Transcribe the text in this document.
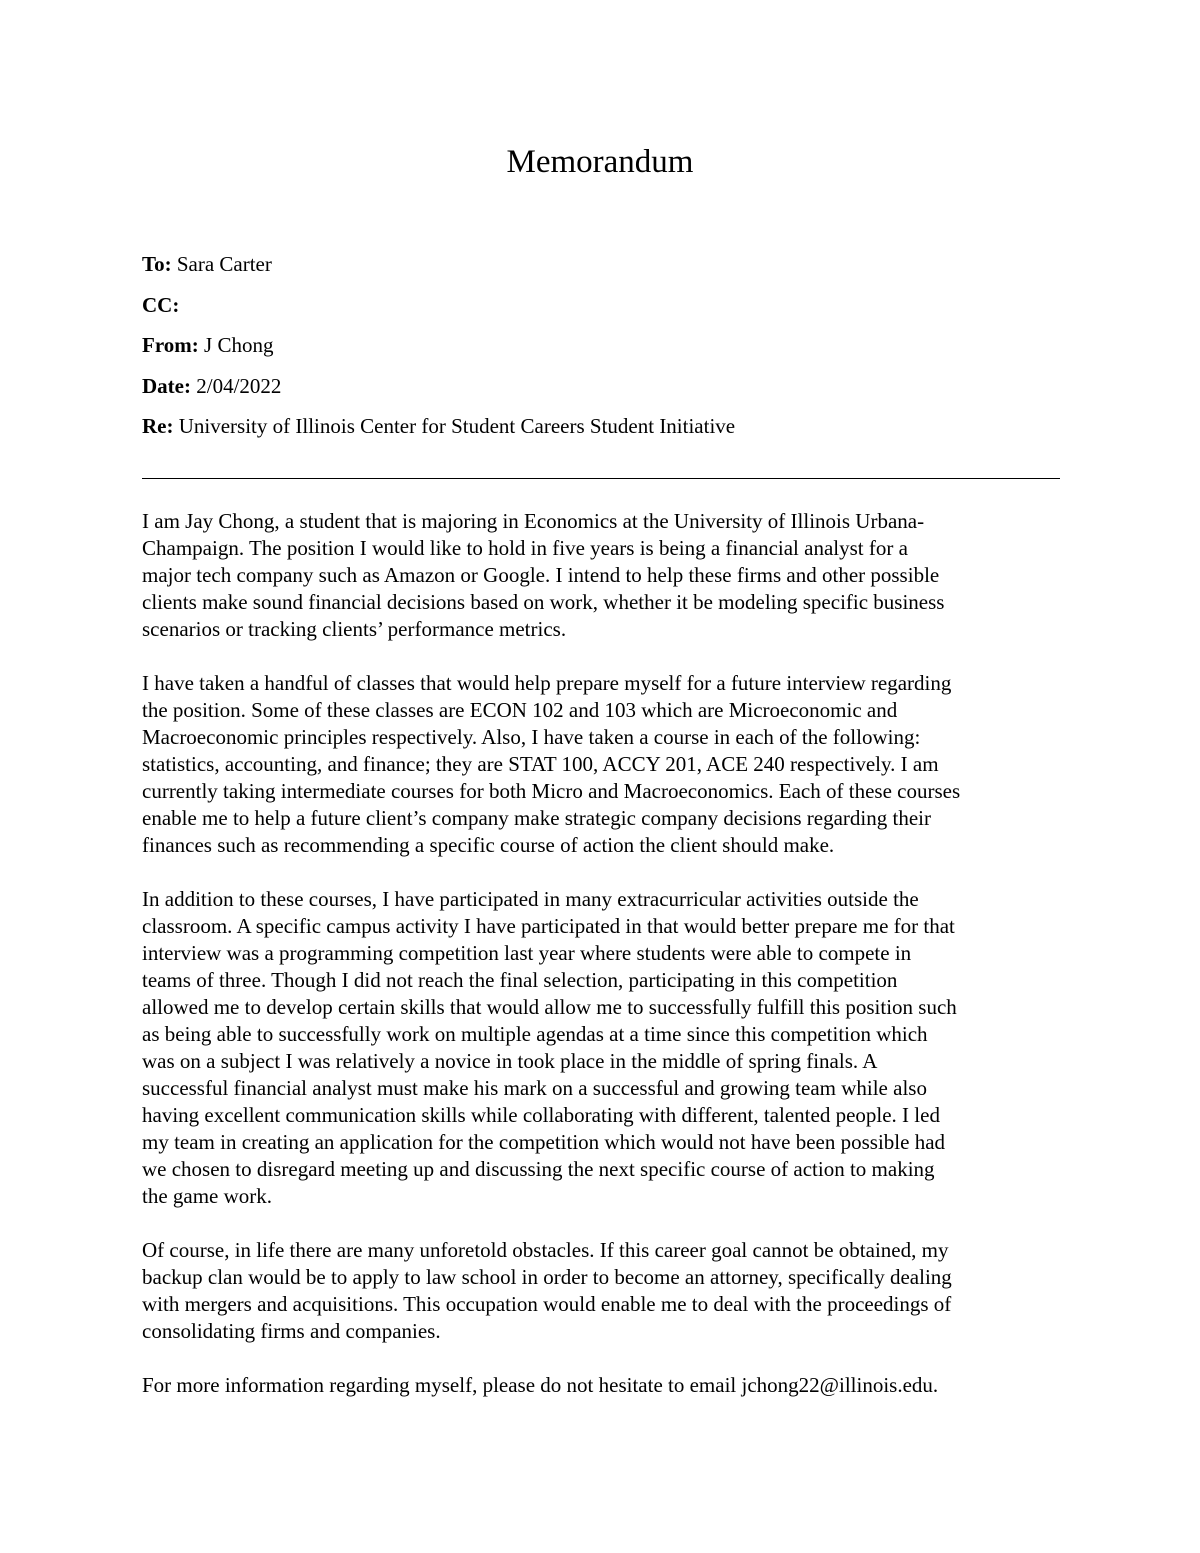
Memorandum
To: Sara Carter
CC:
From: J Chong
Date: 2/04/2022
Re: University of Illinois Center for Student Careers Student Initiative

I am Jay Chong, a student that is majoring in Economics at the University of Illinois Urbana-
Champaign. The position I would like to hold in five years is being a financial analyst for a
major tech company such as Amazon or Google. I intend to help these firms and other possible
clients make sound financial decisions based on work, whether it be modeling specific business
scenarios or tracking clients’ performance metrics.

I have taken a handful of classes that would help prepare myself for a future interview regarding
the position. Some of these classes are ECON 102 and 103 which are Microeconomic and
Macroeconomic principles respectively. Also, I have taken a course in each of the following:
statistics, accounting, and finance; they are STAT 100, ACCY 201, ACE 240 respectively. I am
currently taking intermediate courses for both Micro and Macroeconomics. Each of these courses
enable me to help a future client’s company make strategic company decisions regarding their
finances such as recommending a specific course of action the client should make.

In addition to these courses, I have participated in many extracurricular activities outside the
classroom. A specific campus activity I have participated in that would better prepare me for that
interview was a programming competition last year where students were able to compete in
teams of three. Though I did not reach the final selection, participating in this competition
allowed me to develop certain skills that would allow me to successfully fulfill this position such
as being able to successfully work on multiple agendas at a time since this competition which
was on a subject I was relatively a novice in took place in the middle of spring finals. A
successful financial analyst must make his mark on a successful and growing team while also
having excellent communication skills while collaborating with different, talented people. I led
my team in creating an application for the competition which would not have been possible had
we chosen to disregard meeting up and discussing the next specific course of action to making
the game work.

Of course, in life there are many unforetold obstacles. If this career goal cannot be obtained, my
backup clan would be to apply to law school in order to become an attorney, specifically dealing
with mergers and acquisitions. This occupation would enable me to deal with the proceedings of
consolidating firms and companies.

For more information regarding myself, please do not hesitate to email jchong22@illinois.edu.
